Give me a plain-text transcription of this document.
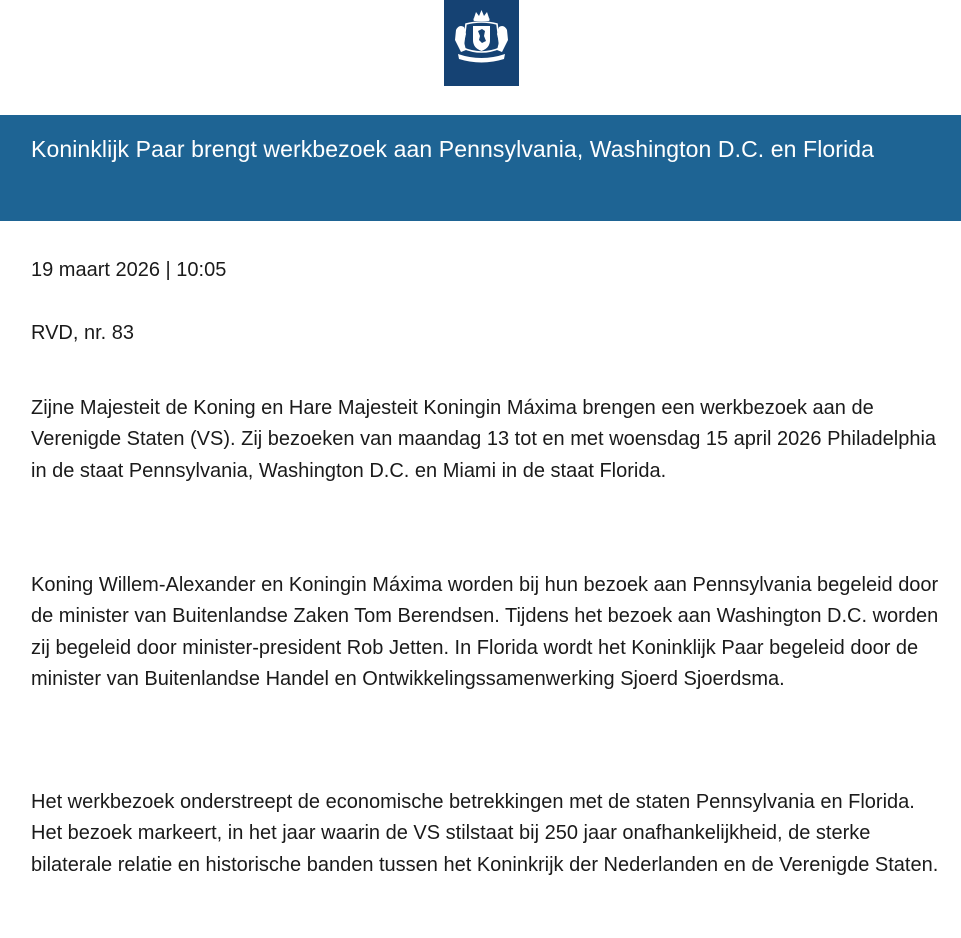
Koninklijk Paar brengt werkbezoek aan Pennsylvania, Washington D.C. en Florida

19 maart 2026 | 10:05

RVD, nr. 83

Zijne Majesteit de Koning en Hare Majesteit Koningin Máxima brengen een werkbezoek aan de Verenigde Staten (VS). Zij bezoeken van maandag 13 tot en met woensdag 15 april 2026 Philadelphia in de staat Pennsylvania, Washington D.C. en Miami in de staat Florida.

Koning Willem-Alexander en Koningin Máxima worden bij hun bezoek aan Pennsylvania begeleid door de minister van Buitenlandse Zaken Tom Berendsen. Tijdens het bezoek aan Washington D.C. worden zij begeleid door minister-president Rob Jetten. In Florida wordt het Koninklijk Paar begeleid door de minister van Buitenlandse Handel en Ontwikkelingssamenwerking Sjoerd Sjoerdsma.

Het werkbezoek onderstreept de economische betrekkingen met de staten Pennsylvania en Florida. Het bezoek markeert, in het jaar waarin de VS stilstaat bij 250 jaar onafhankelijkheid, de sterke bilaterale relatie en historische banden tussen het Koninkrijk der Nederlanden en de Verenigde Staten.
